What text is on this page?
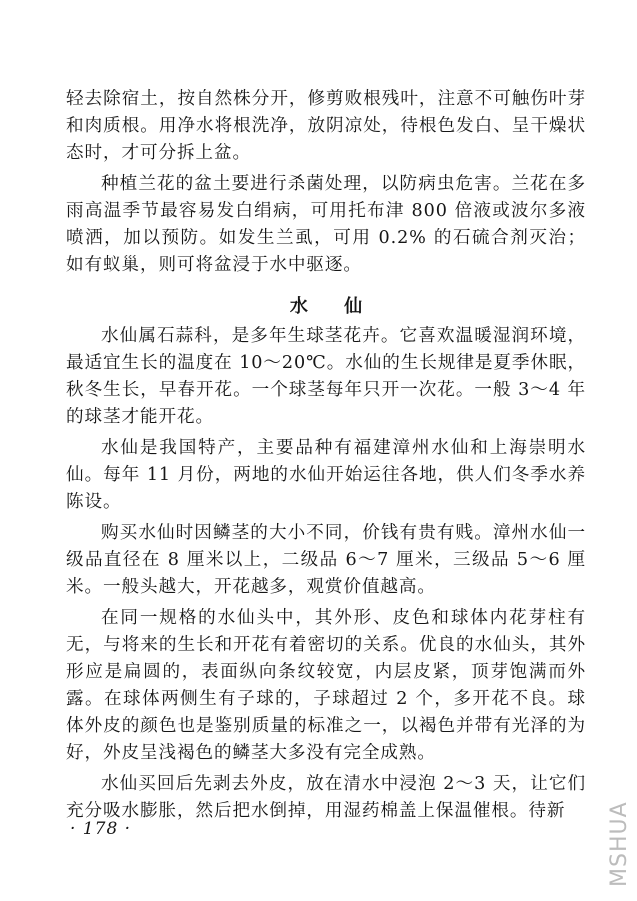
轻去除宿土，按自然株分开，修剪败根残叶，注意不可触伤叶芽和肉质根。用净水将根洗净，放阴凉处，待根色发白、呈干燥状态时，才可分拆上盆。

种植兰花的盆土要进行杀菌处理，以防病虫危害。兰花在多雨高温季节最容易发白绢病，可用托布津 800 倍液或波尔多液喷洒，加以预防。如发生兰虱，可用 0.2% 的石硫合剂灭治；如有蚁巢，则可将盆浸于水中驱逐。

水 仙

水仙属石蒜科，是多年生球茎花卉。它喜欢温暖湿润环境，最适宜生长的温度在 10～20℃。水仙的生长规律是夏季休眠，秋冬生长，早春开花。一个球茎每年只开一次花。一般 3～4 年的球茎才能开花。

水仙是我国特产，主要品种有福建漳州水仙和上海崇明水仙。每年 11 月份，两地的水仙开始运往各地，供人们冬季水养陈设。

购买水仙时因鳞茎的大小不同，价钱有贵有贱。漳州水仙一级品直径在 8 厘米以上，二级品 6～7 厘米，三级品 5～6 厘米。一般头越大，开花越多，观赏价值越高。

在同一规格的水仙头中，其外形、皮色和球体内花芽柱有无，与将来的生长和开花有着密切的关系。优良的水仙头，其外形应是扁圆的，表面纵向条纹较宽，内层皮紧，顶芽饱满而外露。在球体两侧生有子球的，子球超过 2 个，多开花不良。球体外皮的颜色也是鉴别质量的标准之一，以褐色并带有光泽的为好，外皮呈浅褐色的鳞茎大多没有完全成熟。

水仙买回后先剥去外皮，放在清水中浸泡 2～3 天，让它们充分吸水膨胀，然后把水倒掉，用湿药棉盖上保温催根。待新

· 178 ·	MSHUA
